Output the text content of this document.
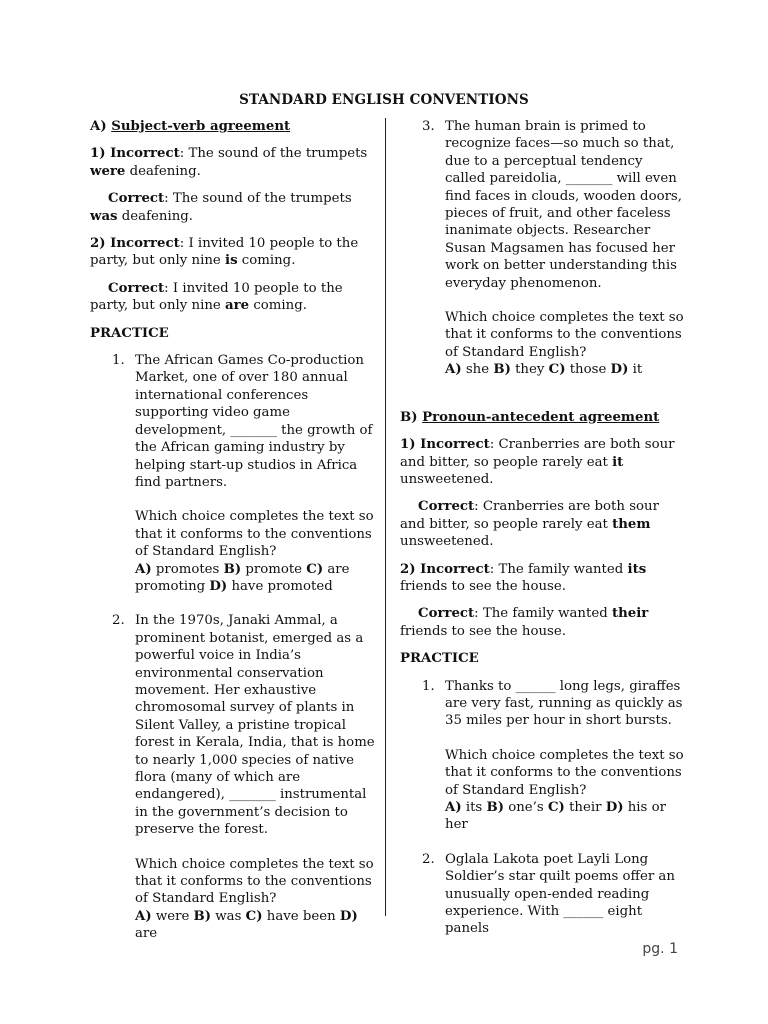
STANDARD ENGLISH CONVENTIONS

A) Subject-verb agreement

1) Incorrect: The sound of the trumpets were deafening.

Correct: The sound of the trumpets was deafening.

2) Incorrect: I invited 10 people to the party, but only nine is coming.

Correct: I invited 10 people to the party, but only nine are coming.

PRACTICE

1. The African Games Co-production Market, one of over 180 annual international conferences supporting video game development, _______ the growth of the African gaming industry by helping start-up studios in Africa find partners.

Which choice completes the text so that it conforms to the conventions of Standard English?

A) promotes B) promote C) are promoting D) have promoted

2. In the 1970s, Janaki Ammal, a prominent botanist, emerged as a powerful voice in India’s environmental conservation movement. Her exhaustive chromosomal survey of plants in Silent Valley, a pristine tropical forest in Kerala, India, that is home to nearly 1,000 species of native flora (many of which are endangered), _______ instrumental in the government’s decision to preserve the forest.

Which choice completes the text so that it conforms to the conventions of Standard English?

A) were B) was C) have been D) are

3. The human brain is primed to recognize faces—so much so that, due to a perceptual tendency called pareidolia, _______ will even find faces in clouds, wooden doors, pieces of fruit, and other faceless inanimate objects. Researcher Susan Magsamen has focused her work on better understanding this everyday phenomenon.

Which choice completes the text so that it conforms to the conventions of Standard English?

A) she B) they C) those D) it

B) Pronoun-antecedent agreement

1) Incorrect: Cranberries are both sour and bitter, so people rarely eat it unsweetened.

Correct: Cranberries are both sour and bitter, so people rarely eat them unsweetened.

2) Incorrect: The family wanted its friends to see the house.

Correct: The family wanted their friends to see the house.

PRACTICE

1. Thanks to ______ long legs, giraffes are very fast, running as quickly as 35 miles per hour in short bursts.

Which choice completes the text so that it conforms to the conventions of Standard English?

A) its B) one’s C) their D) his or her

2. Oglala Lakota poet Layli Long Soldier’s star quilt poems offer an unusually open-ended reading experience. With ______ eight panels

pg. 1
